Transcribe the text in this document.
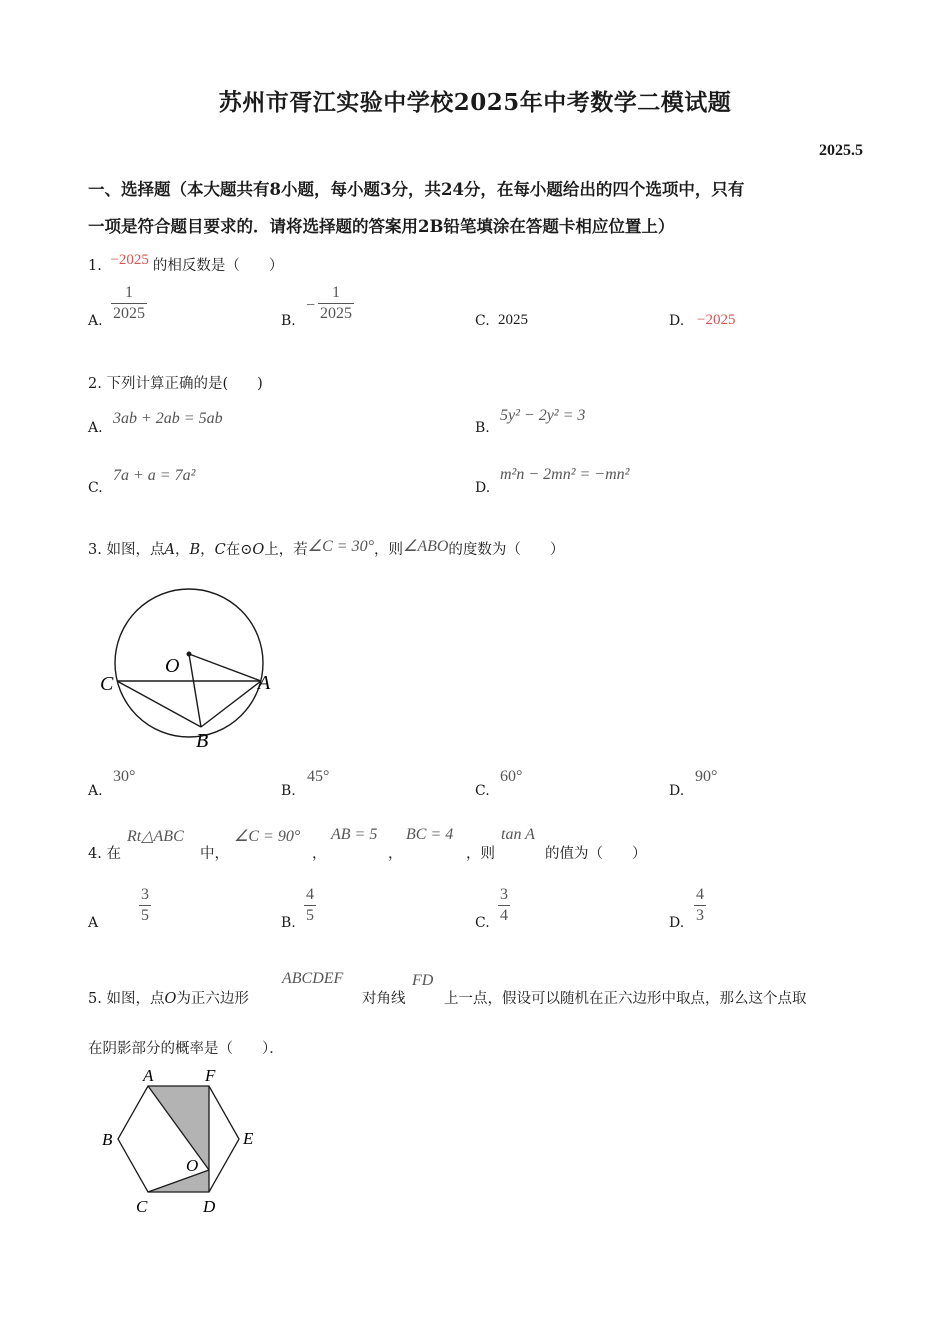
苏州市胥江实验中学校2025年中考数学二模试题
2025.5
一、选择题（本大题共有8小题，每小题3分，共24分，在每小题给出的四个选项中，只有
一项是符合题目要求的．请将选择题的答案用2B铅笔填涂在答题卡相应位置上）
1. −2025 的相反数是（　　）
A. $\frac{1}{2025}$	B.
− $\frac{1}{2025}$	C. 2025	D. −2025
2. 下列计算正确的是(　　)
A.
3ab + 2ab = 5ab
B.
5y² − 2y² = 3
C.
7a + a = 7a²
D.
m²n − 2mn² = −mn²
3. 如图，点A，B，C在⊙O上，若∠C = 30°，则∠ABO的度数为（　　）
C
O
A
B
A.
30°
B.
45°
C.
60°
D.
90°
4. 在
Rt△ABC
中，
∠C = 90°
，
AB = 5
，
BC = 4
，则
tan A
的值为（　　）
A	$\frac{3}{5}$	B. $\frac{4}{5}$	C. $\frac{3}{4}$	D. $\frac{4}{3}$
5. 如图，点O为正六边形
ABCDEF
对角线
FD
上一点，假设可以随机在正六边形中取点，那么这个点取
在阴影部分的概率是（　　）．
A	F
B	E
O
C	D
